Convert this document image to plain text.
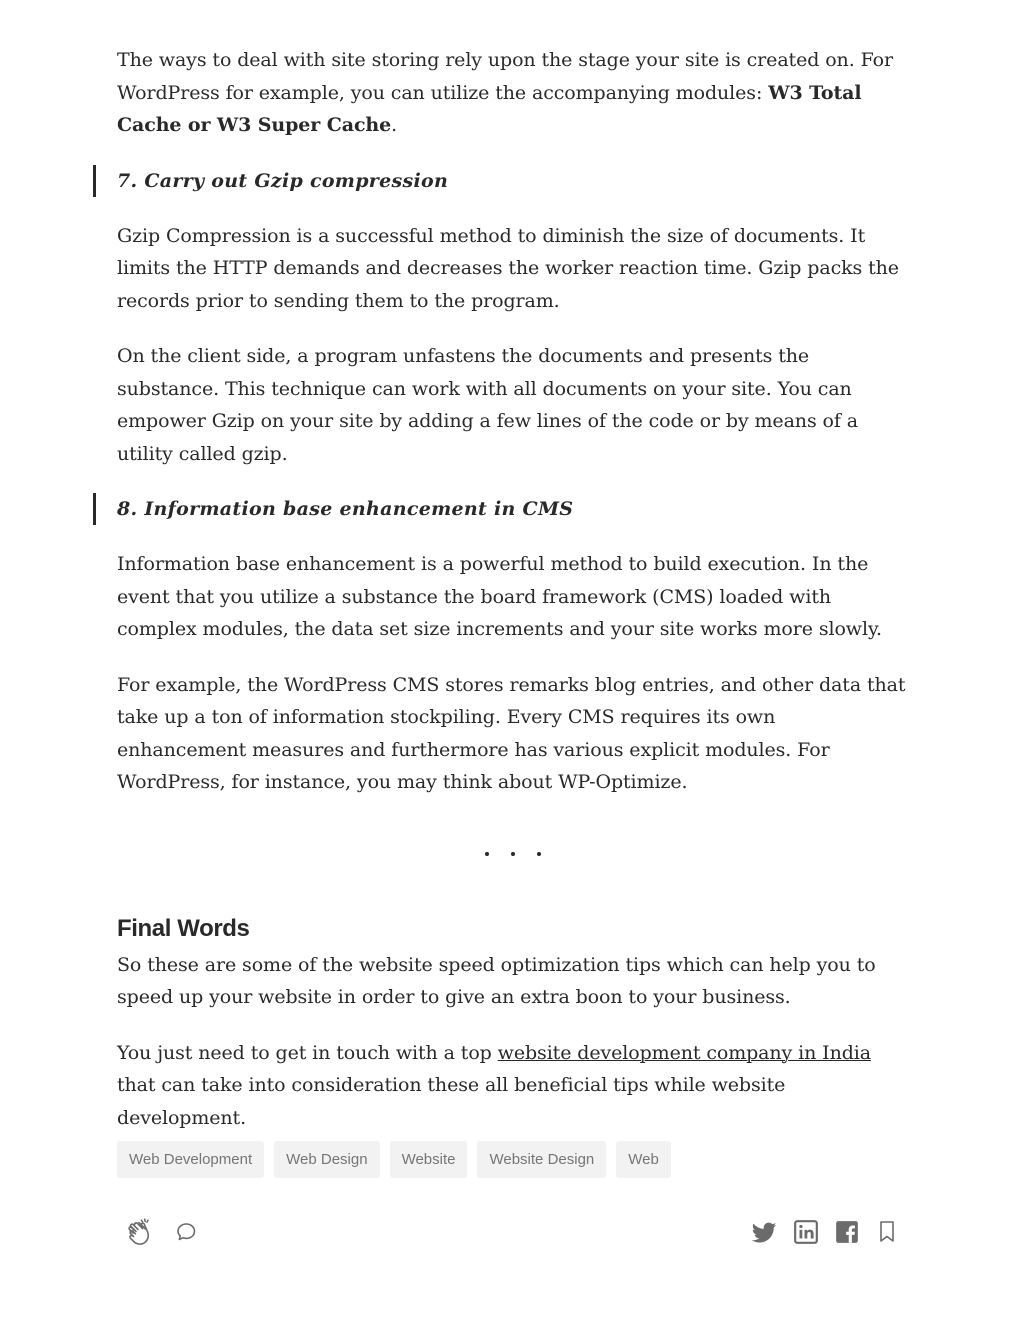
The ways to deal with site storing rely upon the stage your site is created on. For WordPress for example, you can utilize the accompanying modules: W3 Total Cache or W3 Super Cache.

7. Carry out Gzip compression

Gzip Compression is a successful method to diminish the size of documents. It limits the HTTP demands and decreases the worker reaction time. Gzip packs the records prior to sending them to the program.

On the client side, a program unfastens the documents and presents the substance. This technique can work with all documents on your site. You can empower Gzip on your site by adding a few lines of the code or by means of a utility called gzip.

8. Information base enhancement in CMS

Information base enhancement is a powerful method to build execution. In the event that you utilize a substance the board framework (CMS) loaded with complex modules, the data set size increments and your site works more slowly.

For example, the WordPress CMS stores remarks blog entries, and other data that take up a ton of information stockpiling. Every CMS requires its own enhancement measures and furthermore has various explicit modules. For WordPress, for instance, you may think about WP-Optimize.

Final Words

So these are some of the website speed optimization tips which can help you to speed up your website in order to give an extra boon to your business.

You just need to get in touch with a top website development company in India that can take into consideration these all beneficial tips while website development.

Web Development	Web Design	Website	Website Design	Web
